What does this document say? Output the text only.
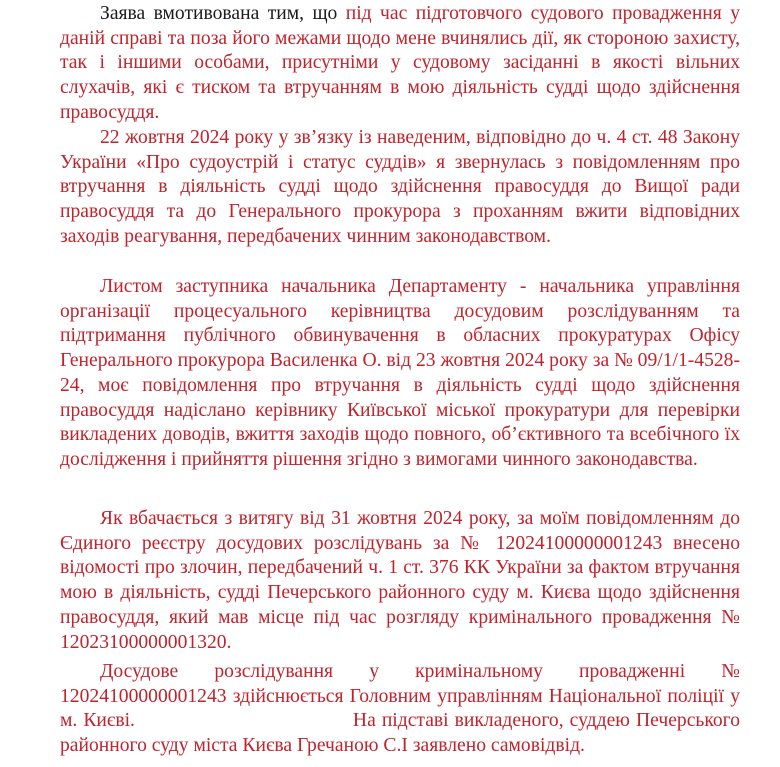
Заява вмотивована тим, що під час підготовчого судового провадження у даній справі та поза його межами щодо мене вчинялись дії, як стороною захисту, так і іншими особами, присутніми у судовому засіданні в якості вільних слухачів, які є тиском та втручанням в мою діяльність судді щодо здійснення правосуддя.

22 жовтня 2024 року у зв’язку із наведеним, відповідно до ч. 4 ст. 48 Закону України «Про судоустрій і статус суддів» я звернулась з повідомленням про втручання в діяльність судді щодо здійснення правосуддя до Вищої ради правосуддя та до Генерального прокурора з проханням вжити відповідних заходів реагування, передбачених чинним законодавством.

Листом заступника начальника Департаменту - начальника управління організації процесуального керівництва досудовим розслідуванням та підтримання публічного обвинувачення в обласних прокуратурах Офісу Генерального прокурора Василенка О. від 23 жовтня 2024 року за № 09/1/1-4528-24, моє повідомлення про втручання в діяльність судді щодо здійснення правосуддя надіслано керівнику Київської міської прокуратури для перевірки викладених доводів, вжиття заходів щодо повного, об’єктивного та всебічного їх дослідження і прийняття рішення згідно з вимогами чинного законодавства.

Як вбачається з витягу від 31 жовтня 2024 року, за моїм повідомленням до Єдиного реєстру досудових розслідувань за № 12024100000001243 внесено відомості про злочин, передбачений ч. 1 ст. 376 КК України за фактом втручання мою в діяльність, судді Печерського районного суду м. Києва щодо здійснення правосуддя, який мав місце під час розгляду кримінального провадження № 12023100000001320.

Досудове розслідування у кримінальному провадженні № 12024100000001243 здійснюється Головним управлінням Національної поліції у м. Києві.	На підставі викладеного, суддею Печерського районного суду міста Києва Гречаною С.І заявлено самовідвід.
